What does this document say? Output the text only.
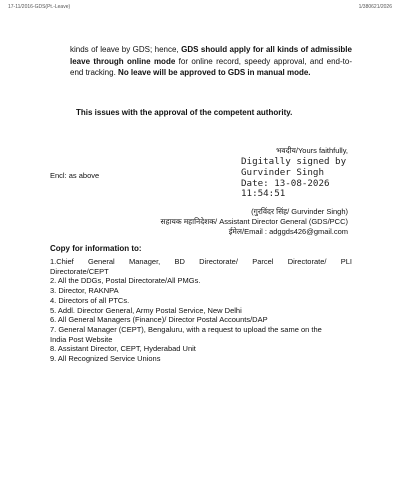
17-11/2016-GDS(Pt.-Leave)	1/380621/2026

kinds of leave by GDS; hence, GDS should apply for all kinds of admissible leave through online mode for online record, speedy approval, and end-to-end tracking. No leave will be approved to GDS in manual mode.

This issues with the approval of the competent authority.

भवदीय/Yours faithfully,
Encl: as above
Digitally signed by
Gurvinder Singh
Date: 13-08-2026
11:54:51
(गुरविंदर सिंह/ Gurvinder Singh)
सहायक महानिदेशक/ Assistant Director General (GDS/PCC)
ईमेल/Email : adggds426@gmail.com
Copy for information to:
1.Chief General Manager, BD Directorate/ Parcel Directorate/ PLI
Directorate/CEPT
2. All the DDGs, Postal Directorate/All PMGs.
3. Director, RAKNPA
4. Directors of all PTCs.
5. Addl. Director General, Army Postal Service, New Delhi
6. All General Managers (Finance)/ Director Postal Accounts/DAP
7. General Manager (CEPT), Bengaluru, with a request to upload the same on the
India Post Website
8. Assistant Director, CEPT, Hyderabad Unit
9. All Recognized Service Unions
